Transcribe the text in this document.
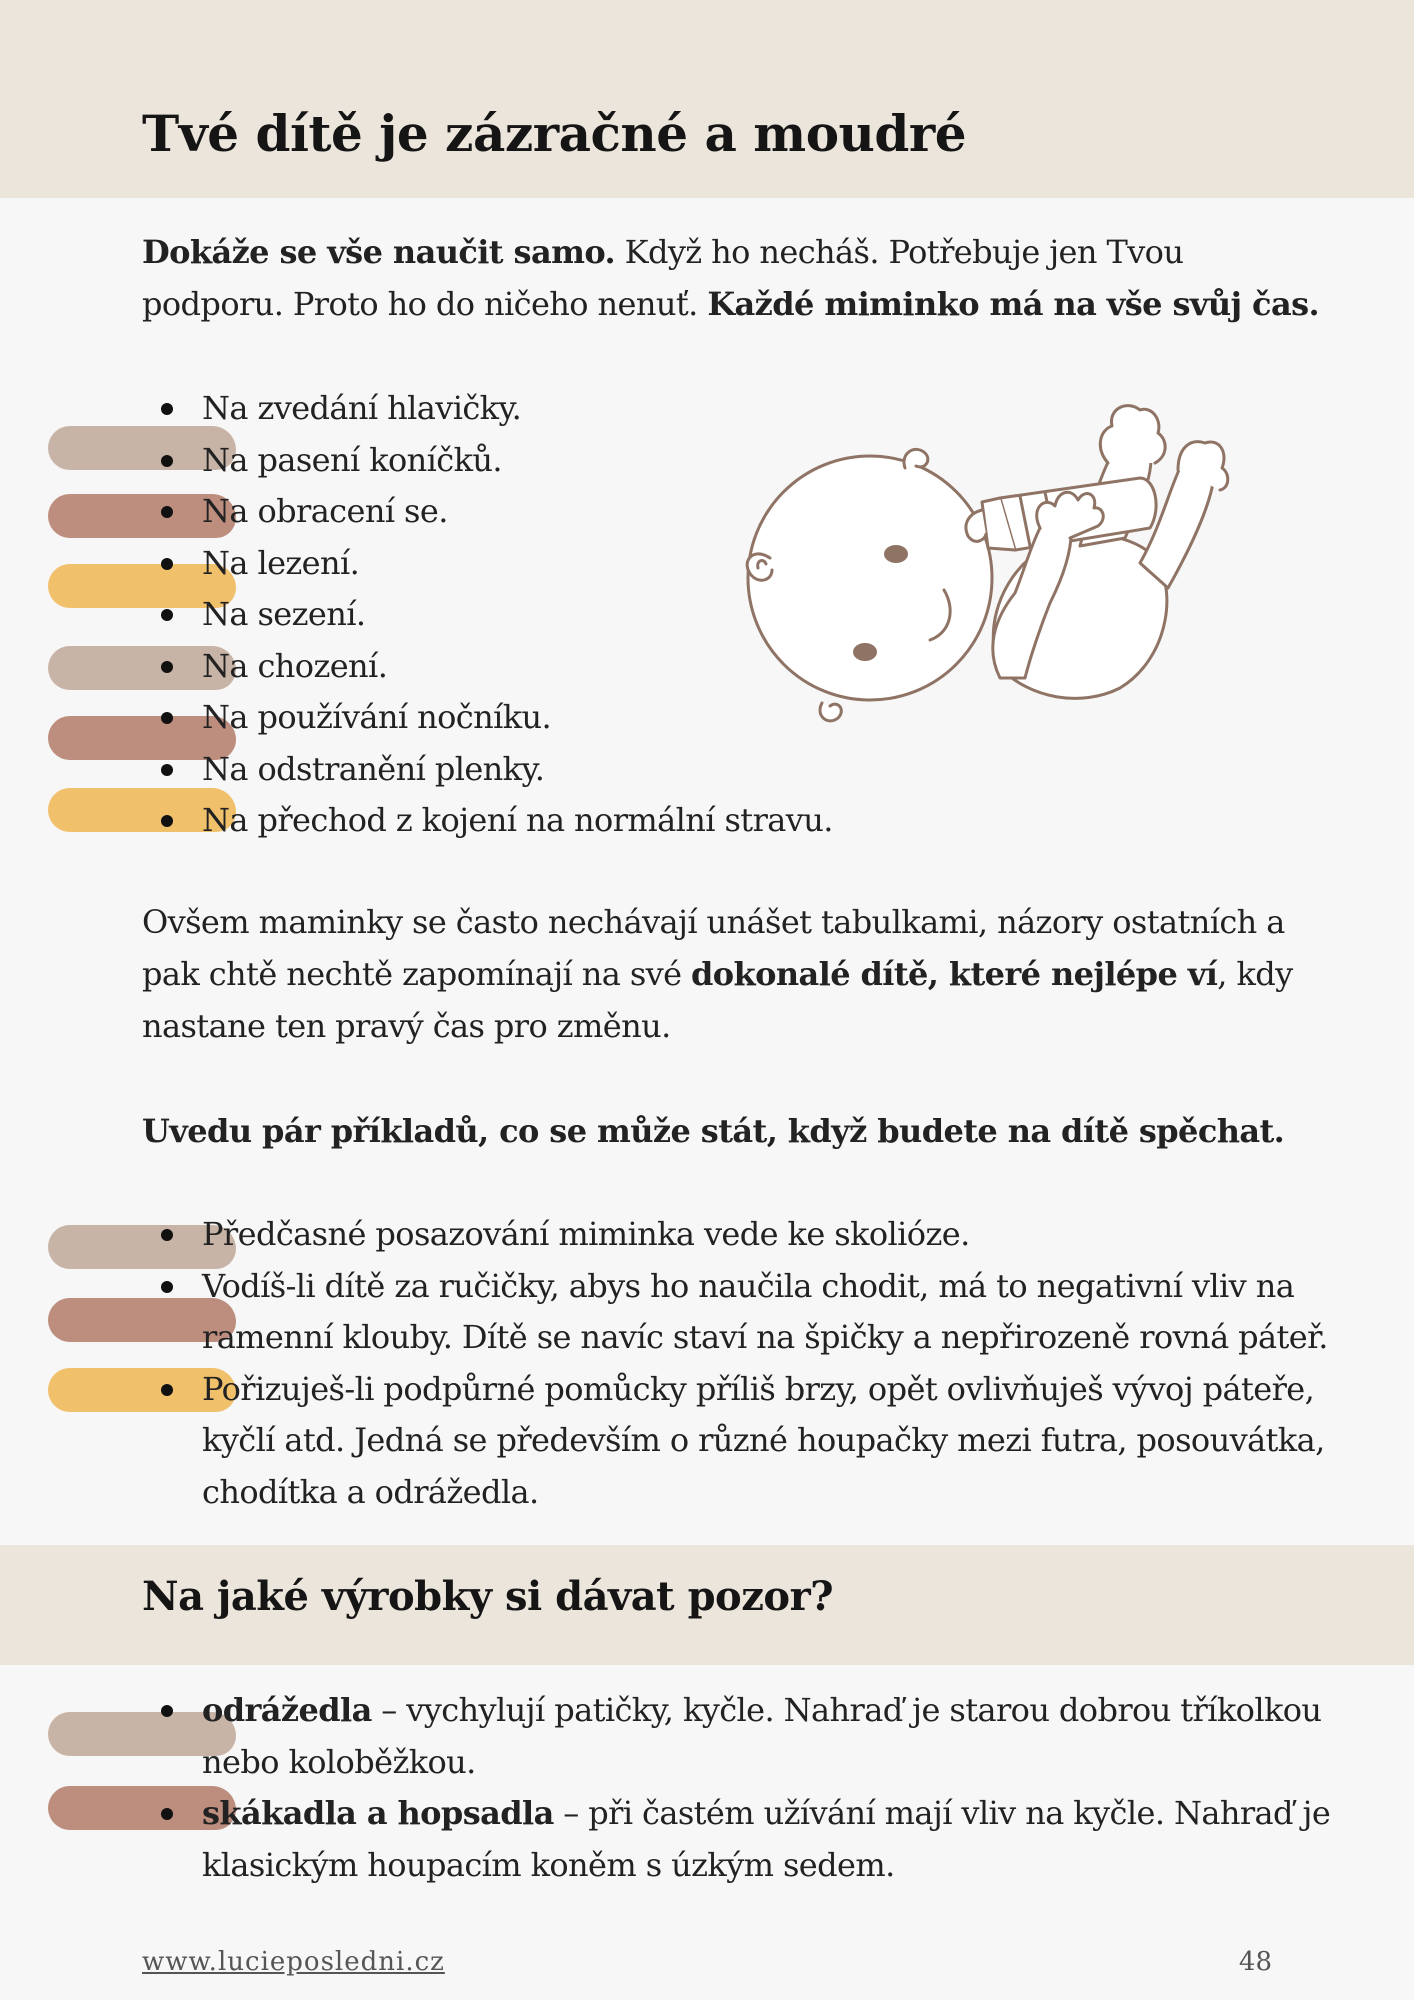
Tvé dítě je zázračné a moudré

Dokáže se vše naučit samo. Když ho necháš. Potřebuje jen Tvou podporu. Proto ho do ničeho nenuť. Každé miminko má na vše svůj čas.

Na zvedání hlavičky.
Na pasení koníčků.
Na obracení se.
Na lezení.
Na sezení.
Na chození.
Na používání nočníku.
Na odstranění plenky.
Na přechod z kojení na normální stravu.

Ovšem maminky se často nechávají unášet tabulkami, názory ostatních a pak chtě nechtě zapomínají na své dokonalé dítě, které nejlépe ví, kdy nastane ten pravý čas pro změnu.

Uvedu pár příkladů, co se může stát, když budete na dítě spěchat.

Předčasné posazování miminka vede ke skolióze.
Vodíš-li dítě za ručičky, abys ho naučila chodit, má to negativní vliv na ramenní klouby. Dítě se navíc staví na špičky a nepřirozeně rovná páteř.
Pořizuješ-li podpůrné pomůcky příliš brzy, opět ovlivňuješ vývoj páteře, kyčlí atd. Jedná se především o různé houpačky mezi futra, posouvátka, chodítka a odrážedla.
Na jaké výrobky si dávat pozor?
odrážedla – vychylují patičky, kyčle. Nahraď je starou dobrou tříkolkou nebo koloběžkou.
skákadla a hopsadla – při častém užívání mají vliv na kyčle. Nahraď je klasickým houpacím koněm s úzkým sedem.
www.lucieposledni.cz	48
